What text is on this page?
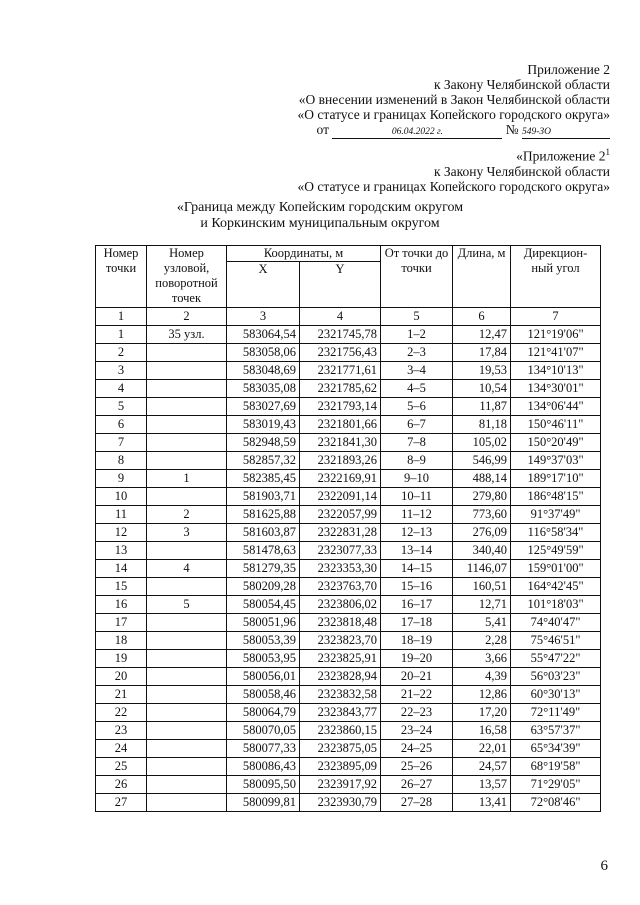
Приложение 2
к Закону Челябинской области
«О внесении изменений в Закон Челябинской области
«О статусе и границах Копейского городского округа»
от	06.04.2022 г.	№ 549-ЗО
«Приложение $2^1$
к Закону Челябинской области
«О статусе и границах Копейского городского округа»
«Граница между Копейским городским округом
и Коркинским муниципальным округом
Номер точки	Номер узловой, поворотной точек	Координаты, м		От точки до точки	Длина, м	Дирекцион-ный угол
		X	Y			
1	2	3	4	5	6	7
1	35 узл.	583064,54	2321745,78	1–2	12,47	121°19'06"
2		583058,06	2321756,43	2–3	17,84	121°41'07"
3		583048,69	2321771,61	3–4	19,53	134°10'13"
4		583035,08	2321785,62	4–5	10,54	134°30'01"
5		583027,69	2321793,14	5–6	11,87	134°06'44"
6		583019,43	2321801,66	6–7	81,18	150°46'11"
7		582948,59	2321841,30	7–8	105,02	150°20'49"
8		582857,32	2321893,26	8–9	546,99	149°37'03"
9	1	582385,45	2322169,91	9–10	488,14	189°17'10"
10		581903,71	2322091,14	10–11	279,80	186°48'15"
11	2	581625,88	2322057,99	11–12	773,60	91°37'49"
12	3	581603,87	2322831,28	12–13	276,09	116°58'34"
13		581478,63	2323077,33	13–14	340,40	125°49'59"
14	4	581279,35	2323353,30	14–15	1146,07	159°01'00"
15		580209,28	2323763,70	15–16	160,51	164°42'45"
16	5	580054,45	2323806,02	16–17	12,71	101°18'03"
17		580051,96	2323818,48	17–18	5,41	74°40'47"
18		580053,39	2323823,70	18–19	2,28	75°46'51"
19		580053,95	2323825,91	19–20	3,66	55°47'22"
20		580056,01	2323828,94	20–21	4,39	56°03'23"
21		580058,46	2323832,58	21–22	12,86	60°30'13"
22		580064,79	2323843,77	22–23	17,20	72°11'49"
23		580070,05	2323860,15	23–24	16,58	63°57'37"
24		580077,33	2323875,05	24–25	22,01	65°34'39"
25		580086,43	2323895,09	25–26	24,57	68°19'58"
26		580095,50	2323917,92	26–27	13,57	71°29'05"
27		580099,81	2323930,79	27–28	13,41	72°08'46"
6
